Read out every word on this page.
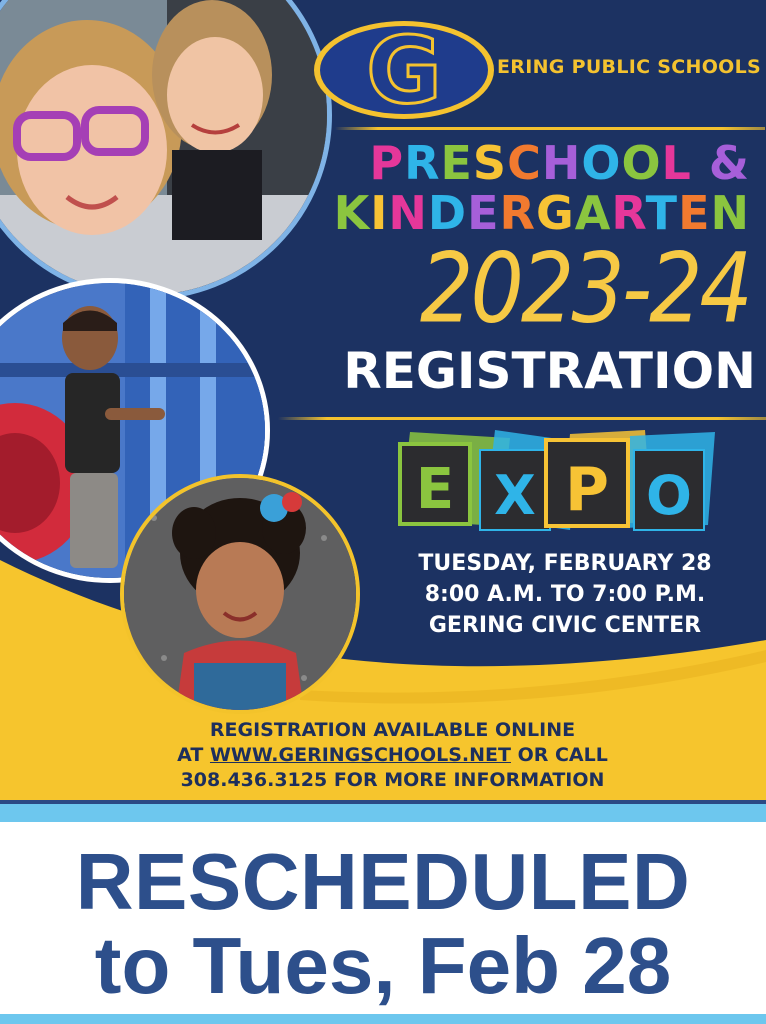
G	ERING PUBLIC SCHOOLS
PRESCHOOL &
KINDERGARTEN
2023-24
REGISTRATION
E X P O
TUESDAY, FEBRUARY 28
8:00 A.M. TO 7:00 P.M.
GERING CIVIC CENTER
REGISTRATION AVAILABLE ONLINE
AT WWW.GERINGSCHOOLS.NET OR CALL
308.436.3125 FOR MORE INFORMATION
RESCHEDULED
to Tues, Feb 28
